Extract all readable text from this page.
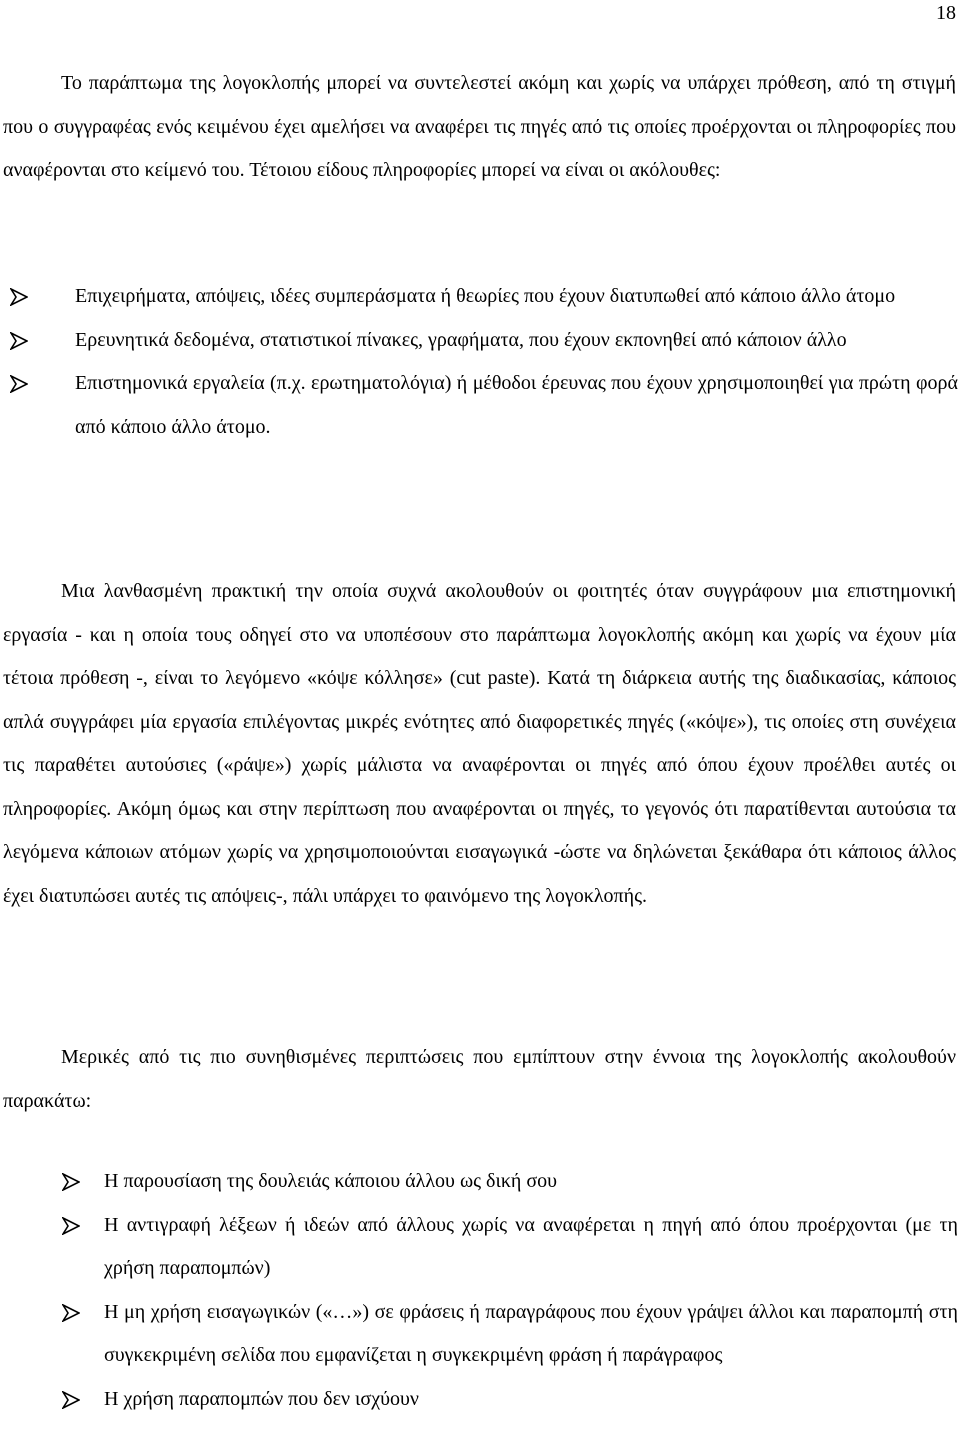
18

Το παράπτωμα της λογοκλοπής μπορεί να συντελεστεί ακόμη και χωρίς να υπάρχει πρόθεση, από τη στιγμή που ο συγγραφέας ενός κειμένου έχει αμελήσει να αναφέρει τις πηγές από τις οποίες προέρχονται οι πληροφορίες που αναφέρονται στο κείμενό του. Τέτοιου είδους πληροφορίες μπορεί να είναι οι ακόλουθες:

Επιχειρήματα, απόψεις, ιδέες συμπεράσματα ή θεωρίες που έχουν διατυπωθεί από κάποιο άλλο άτομο
Ερευνητικά δεδομένα, στατιστικοί πίνακες, γραφήματα, που έχουν εκπονηθεί από κάποιον άλλο
Επιστημονικά εργαλεία (π.χ. ερωτηματολόγια) ή μέθοδοι έρευνας που έχουν χρησιμοποιηθεί για πρώτη φορά από κάποιο άλλο άτομο.

Μια λανθασμένη πρακτική την οποία συχνά ακολουθούν οι φοιτητές όταν συγγράφουν μια επιστημονική εργασία - και η οποία τους οδηγεί στο να υποπέσουν στο παράπτωμα λογοκλοπής ακόμη και χωρίς να έχουν μία τέτοια πρόθεση -, είναι το λεγόμενο «κόψε κόλλησε» (cut paste). Κατά τη διάρκεια αυτής της διαδικασίας, κάποιος απλά συγγράφει μία εργασία επιλέγοντας μικρές ενότητες από διαφορετικές πηγές («κόψε»), τις οποίες στη συνέχεια τις παραθέτει αυτούσιες («ράψε») χωρίς μάλιστα να αναφέρονται οι πηγές από όπου έχουν προέλθει αυτές οι πληροφορίες. Ακόμη όμως και στην περίπτωση που αναφέρονται οι πηγές, το γεγονός ότι παρατίθενται αυτούσια τα λεγόμενα κάποιων ατόμων χωρίς να χρησιμοποιούνται εισαγωγικά -ώστε να δηλώνεται ξεκάθαρα ότι κάποιος άλλος έχει διατυπώσει αυτές τις απόψεις-, πάλι υπάρχει το φαινόμενο της λογοκλοπής.

Μερικές από τις πιο συνηθισμένες περιπτώσεις που εμπίπτουν στην έννοια της λογοκλοπής ακολουθούν παρακάτω:

Η παρουσίαση της δουλειάς κάποιου άλλου ως δική σου
Η αντιγραφή λέξεων ή ιδεών από άλλους χωρίς να αναφέρεται η πηγή από όπου προέρχονται (με τη χρήση παραπομπών)
Η μη χρήση εισαγωγικών («…») σε φράσεις ή παραγράφους που έχουν γράψει άλλοι και παραπομπή στη συγκεκριμένη σελίδα που εμφανίζεται η συγκεκριμένη φράση ή παράγραφος
Η χρήση παραπομπών που δεν ισχύουν
